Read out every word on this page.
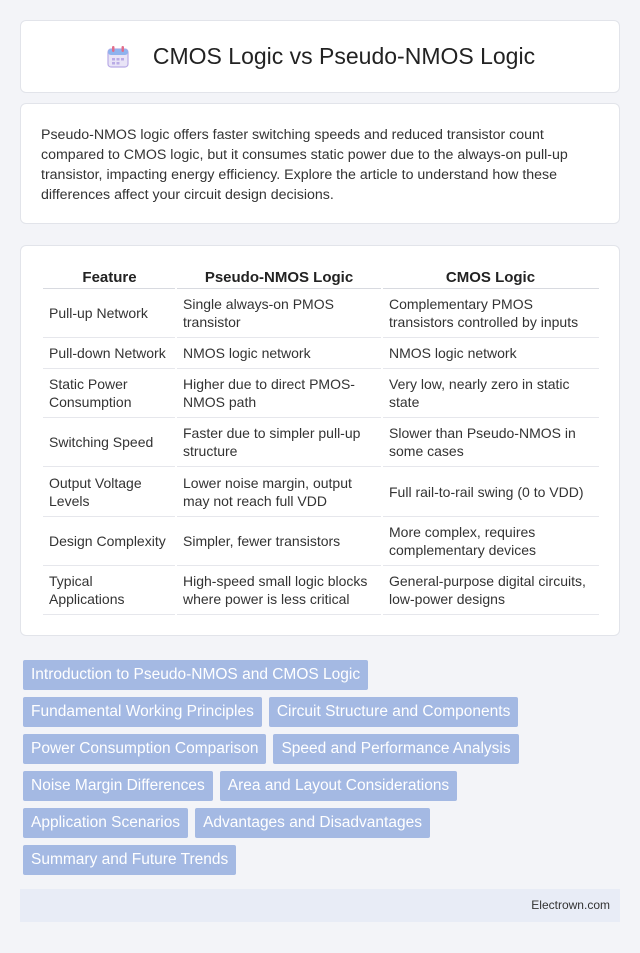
CMOS Logic vs Pseudo-NMOS Logic

Pseudo-NMOS logic offers faster switching speeds and reduced transistor count compared to CMOS logic, but it consumes static power due to the always-on pull-up transistor, impacting energy efficiency. Explore the article to understand how these differences affect your circuit design decisions.

Feature	Pseudo-NMOS Logic	CMOS Logic
Pull-up Network	Single always-on PMOS transistor	Complementary PMOS transistors controlled by inputs
Pull-down Network	NMOS logic network	NMOS logic network
Static Power Consumption	Higher due to direct PMOS-NMOS path	Very low, nearly zero in static state
Switching Speed	Faster due to simpler pull-up structure	Slower than Pseudo-NMOS in some cases
Output Voltage Levels	Lower noise margin, output may not reach full VDD	Full rail-to-rail swing (0 to VDD)
Design Complexity	Simpler, fewer transistors	More complex, requires complementary devices
Typical Applications	High-speed small logic blocks where power is less critical	General-purpose digital circuits, low-power designs
Introduction to Pseudo-NMOS and CMOS Logic
Fundamental Working Principles	Circuit Structure and Components
Power Consumption Comparison	Speed and Performance Analysis
Noise Margin Differences	Area and Layout Considerations
Application Scenarios	Advantages and Disadvantages
Summary and Future Trends
Electrown.com
